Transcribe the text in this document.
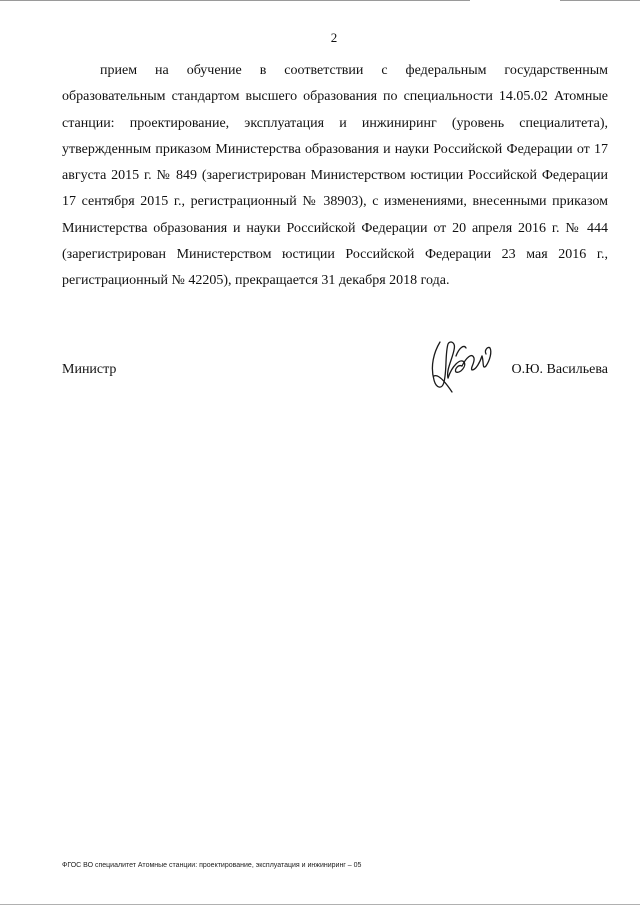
2

прием на обучение в соответствии с федеральным государственным образовательным стандартом высшего образования по специальности 14.05.02 Атомные станции: проектирование, эксплуатация и инжиниринг (уровень специалитета), утвержденным приказом Министерства образования и науки Российской Федерации от 17 августа 2015 г. № 849 (зарегистрирован Министерством юстиции Российской Федерации 17 сентября 2015 г., регистрационный № 38903), с изменениями, внесенными приказом Министерства образования и науки Российской Федерации от 20 апреля 2016 г. № 444 (зарегистрирован Министерством юстиции Российской Федерации 23 мая 2016 г., регистрационный № 42205), прекращается 31 декабря 2018 года.

Министр	О.Ю. Васильева
ФГОС ВО специалитет Атомные станции: проектирование, эксплуатация и инжиниринг – 05
